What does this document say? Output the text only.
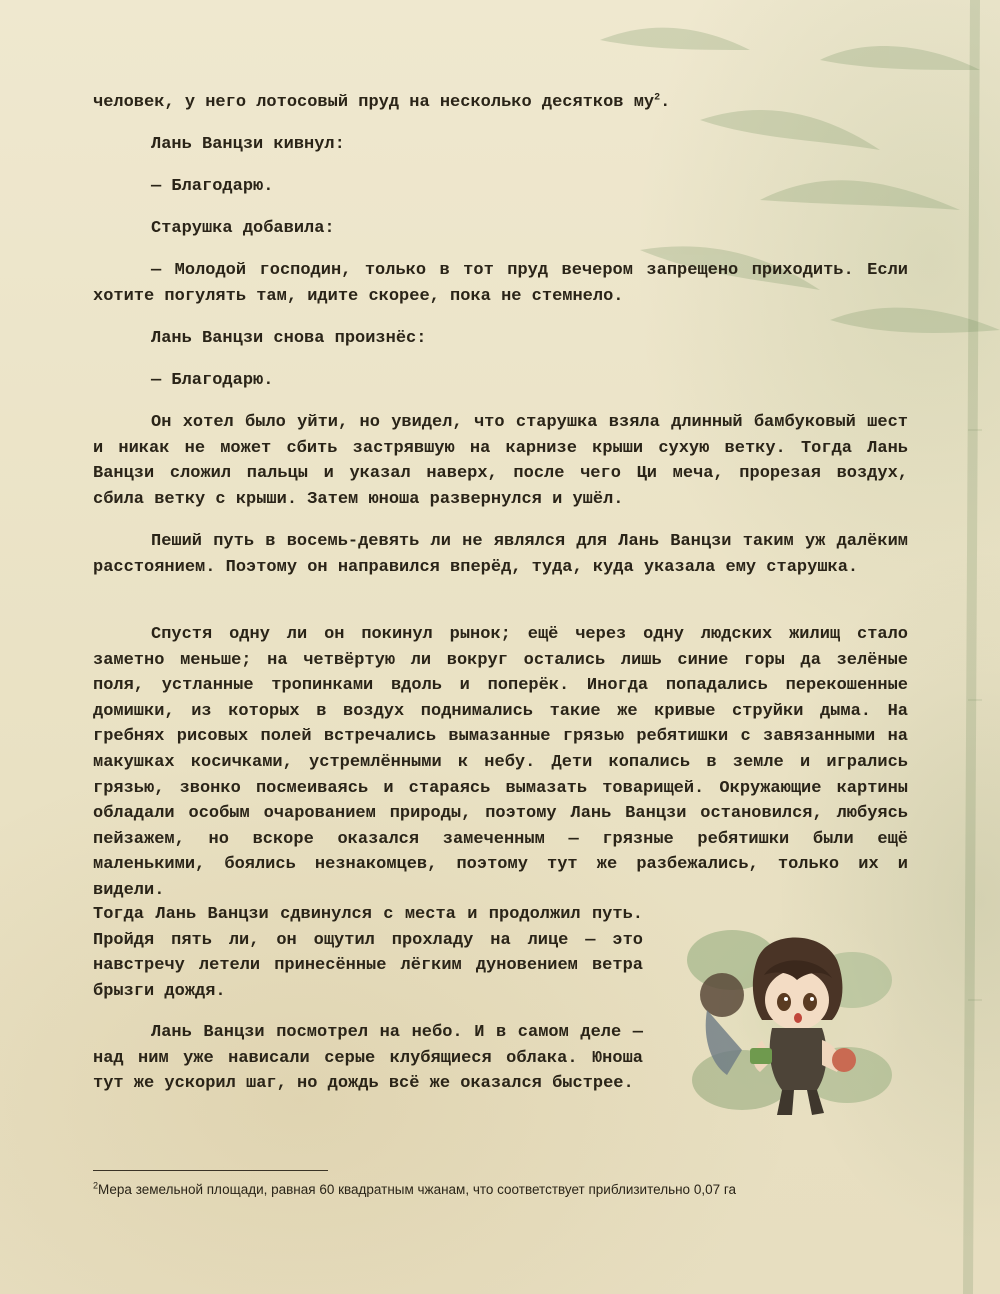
человек, у него лотосовый пруд на несколько десятков $му^2$.

Лань Ванцзи кивнул:

— Благодарю.

Старушка добавила:

— Молодой господин, только в тот пруд вечером запрещено приходить. Если хотите погулять там, идите скорее, пока не стемнело.

Лань Ванцзи снова произнёс:

— Благодарю.

Он хотел было уйти, но увидел, что старушка взяла длинный бамбуковый шест и никак не может сбить застрявшую на карнизе крыши сухую ветку. Тогда Лань Ванцзи сложил пальцы и указал наверх, после чего Ци меча, прорезая воздух, сбила ветку с крыши. Затем юноша развернулся и ушёл.

Пеший путь в восемь-девять ли не являлся для Лань Ванцзи таким уж далёким расстоянием. Поэтому он направился вперёд, туда, куда указала ему старушка.

Спустя одну ли он покинул рынок; ещё через одну людских жилищ стало заметно меньше; на четвёртую ли вокруг остались лишь синие горы да зелёные поля, устланные тропинками вдоль и поперёк. Иногда попадались перекошенные домишки, из которых в воздух поднимались такие же кривые струйки дыма. На гребнях рисовых полей встречались вымазанные грязью ребятишки с завязанными на макушках косичками, устремлёнными к небу. Дети копались в земле и игрались грязью, звонко посмеиваясь и стараясь вымазать товарищей. Окружающие картины обладали особым очарованием природы, поэтому Лань Ванцзи остановился, любуясь пейзажем, но вскоре оказался замеченным — грязные ребятишки были ещё маленькими, боялись незнакомцев, поэтому тут же разбежались, только их и видели.

Тогда Лань Ванцзи сдвинулся с места и продолжил путь. Пройдя пять ли, он ощутил прохладу на лице — это навстречу летели принесённые лёгким дуновением ветра брызги дождя.

Лань Ванцзи посмотрел на небо. И в самом деле — над ним уже нависали серые клубящиеся облака. Юноша тут же ускорил шаг, но дождь всё же оказался быстрее.

$^2$Мера земельной площади, равная 60 квадратным чжанам, что соответствует приблизительно 0,07 га
